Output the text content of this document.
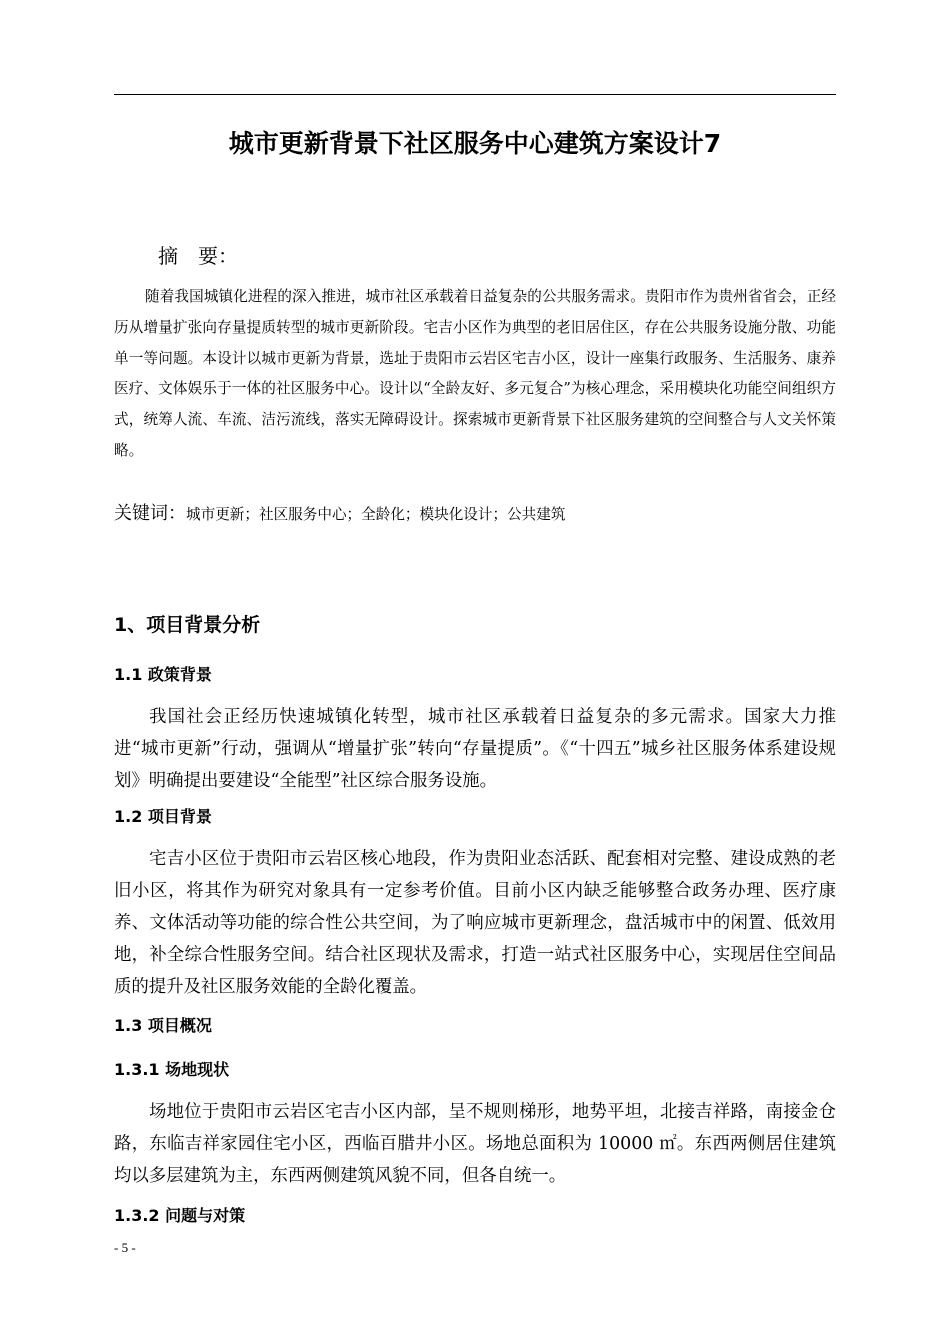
城市更新背景下社区服务中心建筑方案设计7
摘 要：

随着我国城镇化进程的深入推进，城市社区承载着日益复杂的公共服务需求。贵阳市作为贵州省省会，正经历从增量扩张向存量提质转型的城市更新阶段。宅吉小区作为典型的老旧居住区，存在公共服务设施分散、功能单一等问题。本设计以城市更新为背景，选址于贵阳市云岩区宅吉小区，设计一座集行政服务、生活服务、康养医疗、文体娱乐于一体的社区服务中心。设计以“全龄友好、多元复合”为核心理念，采用模块化功能空间组织方式，统筹人流、车流、洁污流线，落实无障碍设计。探索城市更新背景下社区服务建筑的空间整合与人文关怀策略。

关键词：城市更新；社区服务中心；全龄化；模块化设计；公共建筑
1、项目背景分析
1.1 政策背景

我国社会正经历快速城镇化转型，城市社区承载着日益复杂的多元需求。国家大力推进“城市更新”行动，强调从“增量扩张”转向“存量提质”。《“十四五”城乡社区服务体系建设规划》明确提出要建设“全能型”社区综合服务设施。

1.2 项目背景

宅吉小区位于贵阳市云岩区核心地段，作为贵阳业态活跃、配套相对完整、建设成熟的老旧小区，将其作为研究对象具有一定参考价值。目前小区内缺乏能够整合政务办理、医疗康养、文体活动等功能的综合性公共空间，为了响应城市更新理念，盘活城市中的闲置、低效用地，补全综合性服务空间。结合社区现状及需求，打造一站式社区服务中心，实现居住空间品质的提升及社区服务效能的全龄化覆盖。

1.3 项目概况
1.3.1 场地现状

场地位于贵阳市云岩区宅吉小区内部，呈不规则梯形，地势平坦，北接吉祥路，南接金仓路，东临吉祥家园住宅小区，西临百腊井小区。场地总面积为 10000 ㎡。东西两侧居住建筑均以多层建筑为主，东西两侧建筑风貌不同，但各自统一。

1.3.2 问题与对策
- 5 -
